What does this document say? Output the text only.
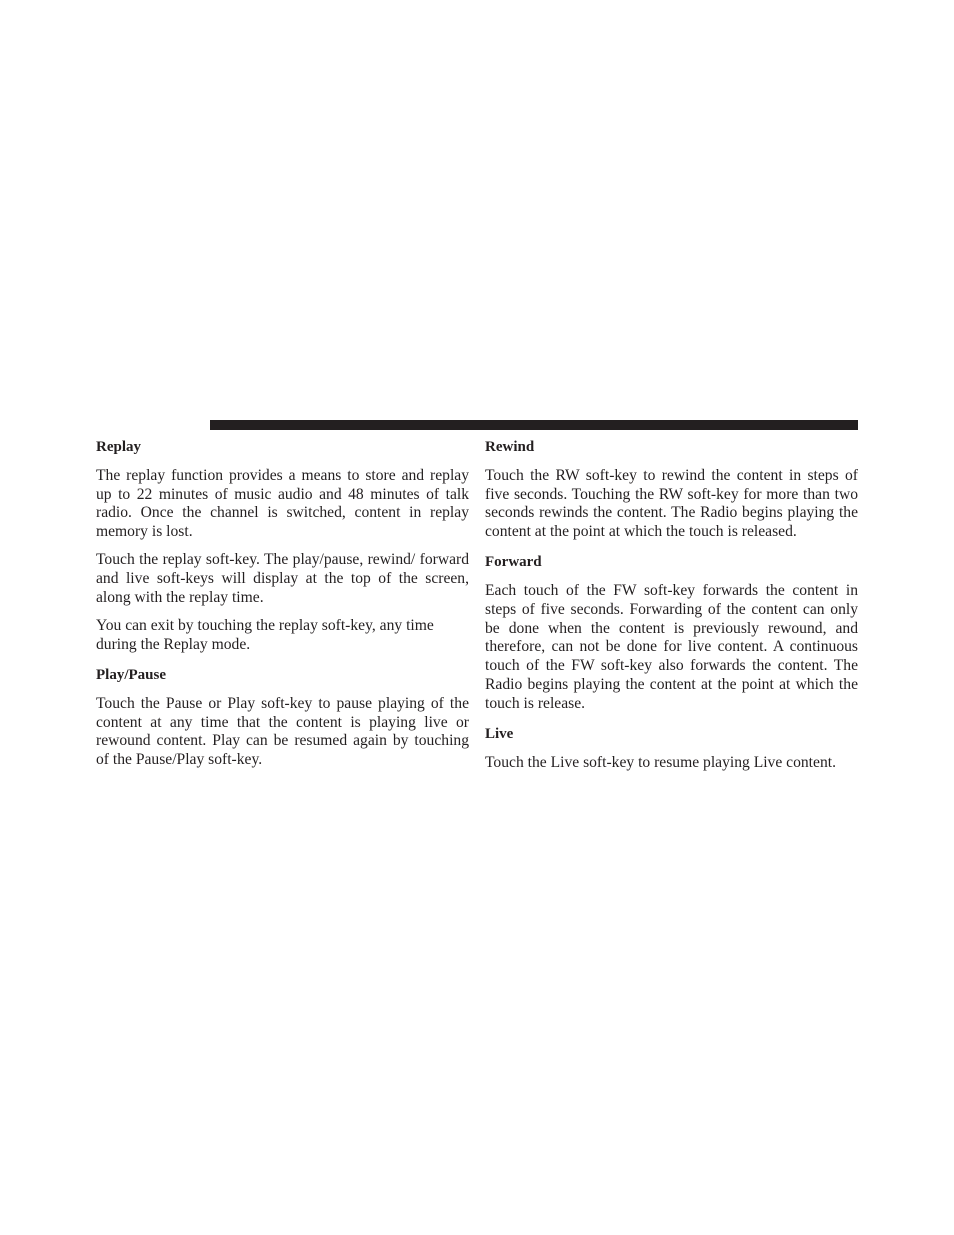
Replay

The replay function provides a means to store and replay up to 22 minutes of music audio and 48 minutes of talk radio. Once the channel is switched, content in replay memory is lost.

Touch the replay soft-key. The play/pause, rewind/ forward and live soft-keys will display at the top of the screen, along with the replay time.

You can exit by touching the replay soft-key, any time during the Replay mode.

Play/Pause

Touch the Pause or Play soft-key to pause playing of the content at any time that the content is playing live or rewound content. Play can be resumed again by touching of the Pause/Play soft-key.

Rewind

Touch the RW soft-key to rewind the content in steps of five seconds. Touching the RW soft-key for more than two seconds rewinds the content. The Radio begins playing the content at the point at which the touch is released.

Forward

Each touch of the FW soft-key forwards the content in steps of five seconds. Forwarding of the content can only be done when the content is previously rewound, and therefore, can not be done for live content. A continuous touch of the FW soft-key also forwards the content. The Radio begins playing the content at the point at which the touch is release.

Live

Touch the Live soft-key to resume playing Live content.
